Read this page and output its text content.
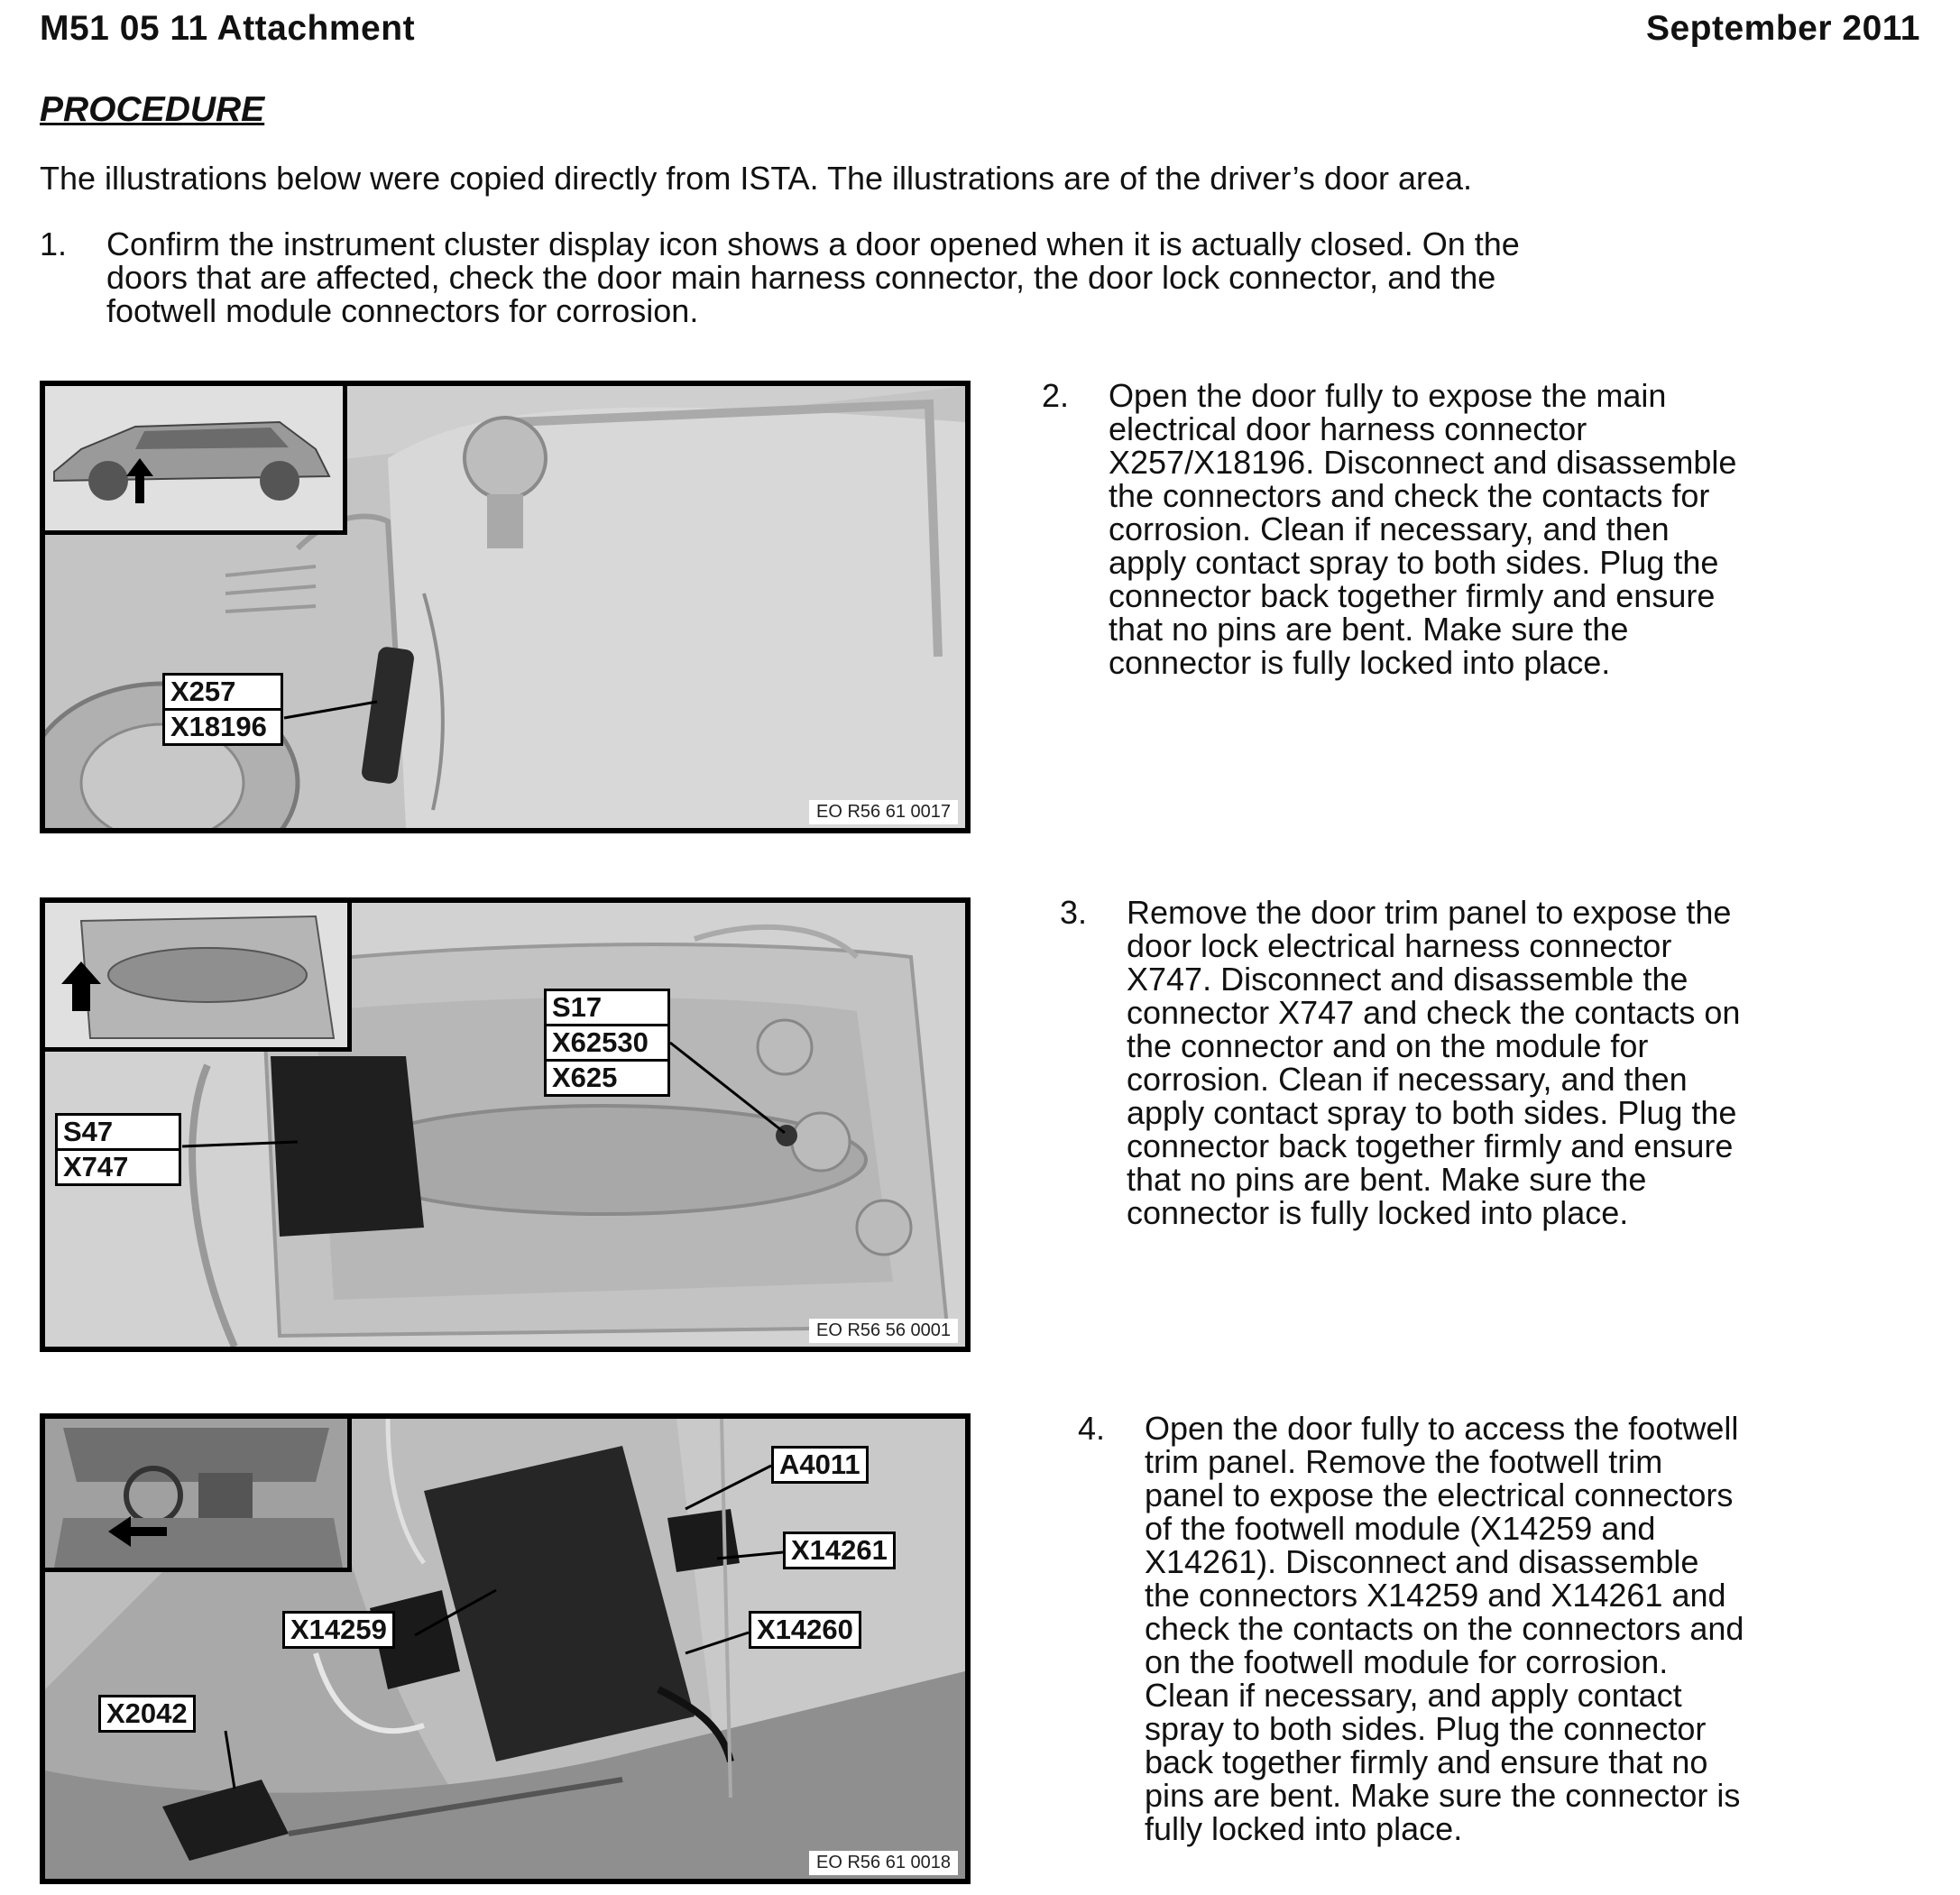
M51 05 11 Attachment	September 2011
PROCEDURE
The illustrations below were copied directly from ISTA. The illustrations are of the driver’s door area.
1. Confirm the instrument cluster display icon shows a door opened when it is actually closed. On the
doors that are affected, check the door main harness connector, the door lock connector, and the
footwell module connectors for corrosion.
X257
X18196
EO R56 61 0017
2. Open the door fully to expose the main
electrical door harness connector
X257/X18196. Disconnect and disassemble
the connectors and check the contacts for
corrosion. Clean if necessary, and then
apply contact spray to both sides. Plug the
connector back together firmly and ensure
that no pins are bent. Make sure the
connector is fully locked into place.
S17
X62530
X625
S47
X747
EO R56 56 0001
3. Remove the door trim panel to expose the
door lock electrical harness connector
X747. Disconnect and disassemble the
connector X747 and check the contacts on
the connector and on the module for
corrosion. Clean if necessary, and then
apply contact spray to both sides. Plug the
connector back together firmly and ensure
that no pins are bent. Make sure the
connector is fully locked into place.
A4011
X14261
X14259	X14260
X2042
EO R56 61 0018
4. Open the door fully to access the footwell
trim panel. Remove the footwell trim
panel to expose the electrical connectors
of the footwell module (X14259 and
X14261). Disconnect and disassemble
the connectors X14259 and X14261 and
check the contacts on the connectors and
on the footwell module for corrosion.
Clean if necessary, and apply contact
spray to both sides. Plug the connector
back together firmly and ensure that no
pins are bent. Make sure the connector is
fully locked into place.
